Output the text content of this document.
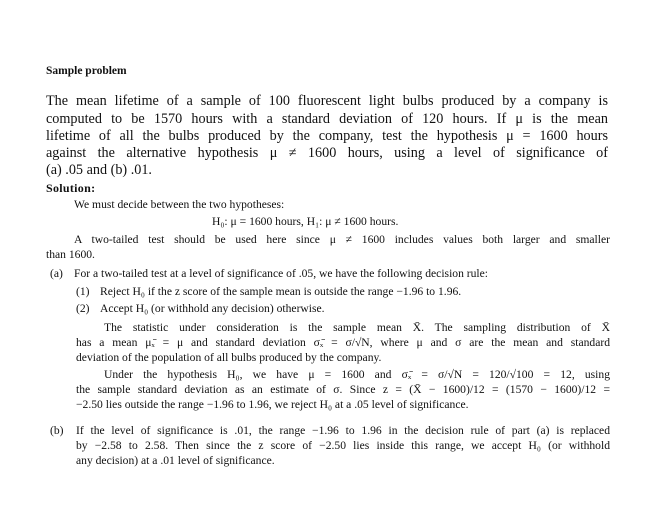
Sample problem
The mean lifetime of a sample of 100 fluorescent light bulbs produced by a company is
computed to be 1570 hours with a standard deviation of 120 hours. If μ is the mean
lifetime of all the bulbs produced by the company, test the hypothesis μ = 1600 hours
against the alternative hypothesis μ ≠ 1600 hours, using a level of significance of
(a) .05 and (b) .01.
Solution:
We must decide between the two hypotheses:
H₀: μ = 1600 hours, H₁: μ ≠ 1600 hours.
A two-tailed test should be used here since μ ≠ 1600 includes values both larger and smaller
than 1600.
(a) For a two-tailed test at a level of significance of .05, we have the following decision rule:
(1) Reject H₀ if the z score of the sample mean is outside the range −1.96 to 1.96.
(2) Accept H₀ (or withhold any decision) otherwise.
The statistic under consideration is the sample mean X̄. The sampling distribution of X̄
has a mean μₓ̄ = μ and standard deviation σₓ̄ = σ/√N, where μ and σ are the mean and standard
deviation of the population of all bulbs produced by the company.
Under the hypothesis H₀, we have μ = 1600 and σₓ̄ = σ/√N = 120/√100 = 12, using
the sample standard deviation as an estimate of σ. Since z = (X̄ − 1600)/12 = (1570 − 1600)/12 =
−2.50 lies outside the range −1.96 to 1.96, we reject H₀ at a .05 level of significance.
(b) If the level of significance is .01, the range −1.96 to 1.96 in the decision rule of part (a) is replaced
by −2.58 to 2.58. Then since the z score of −2.50 lies inside this range, we accept H₀ (or withhold
any decision) at a .01 level of significance.
